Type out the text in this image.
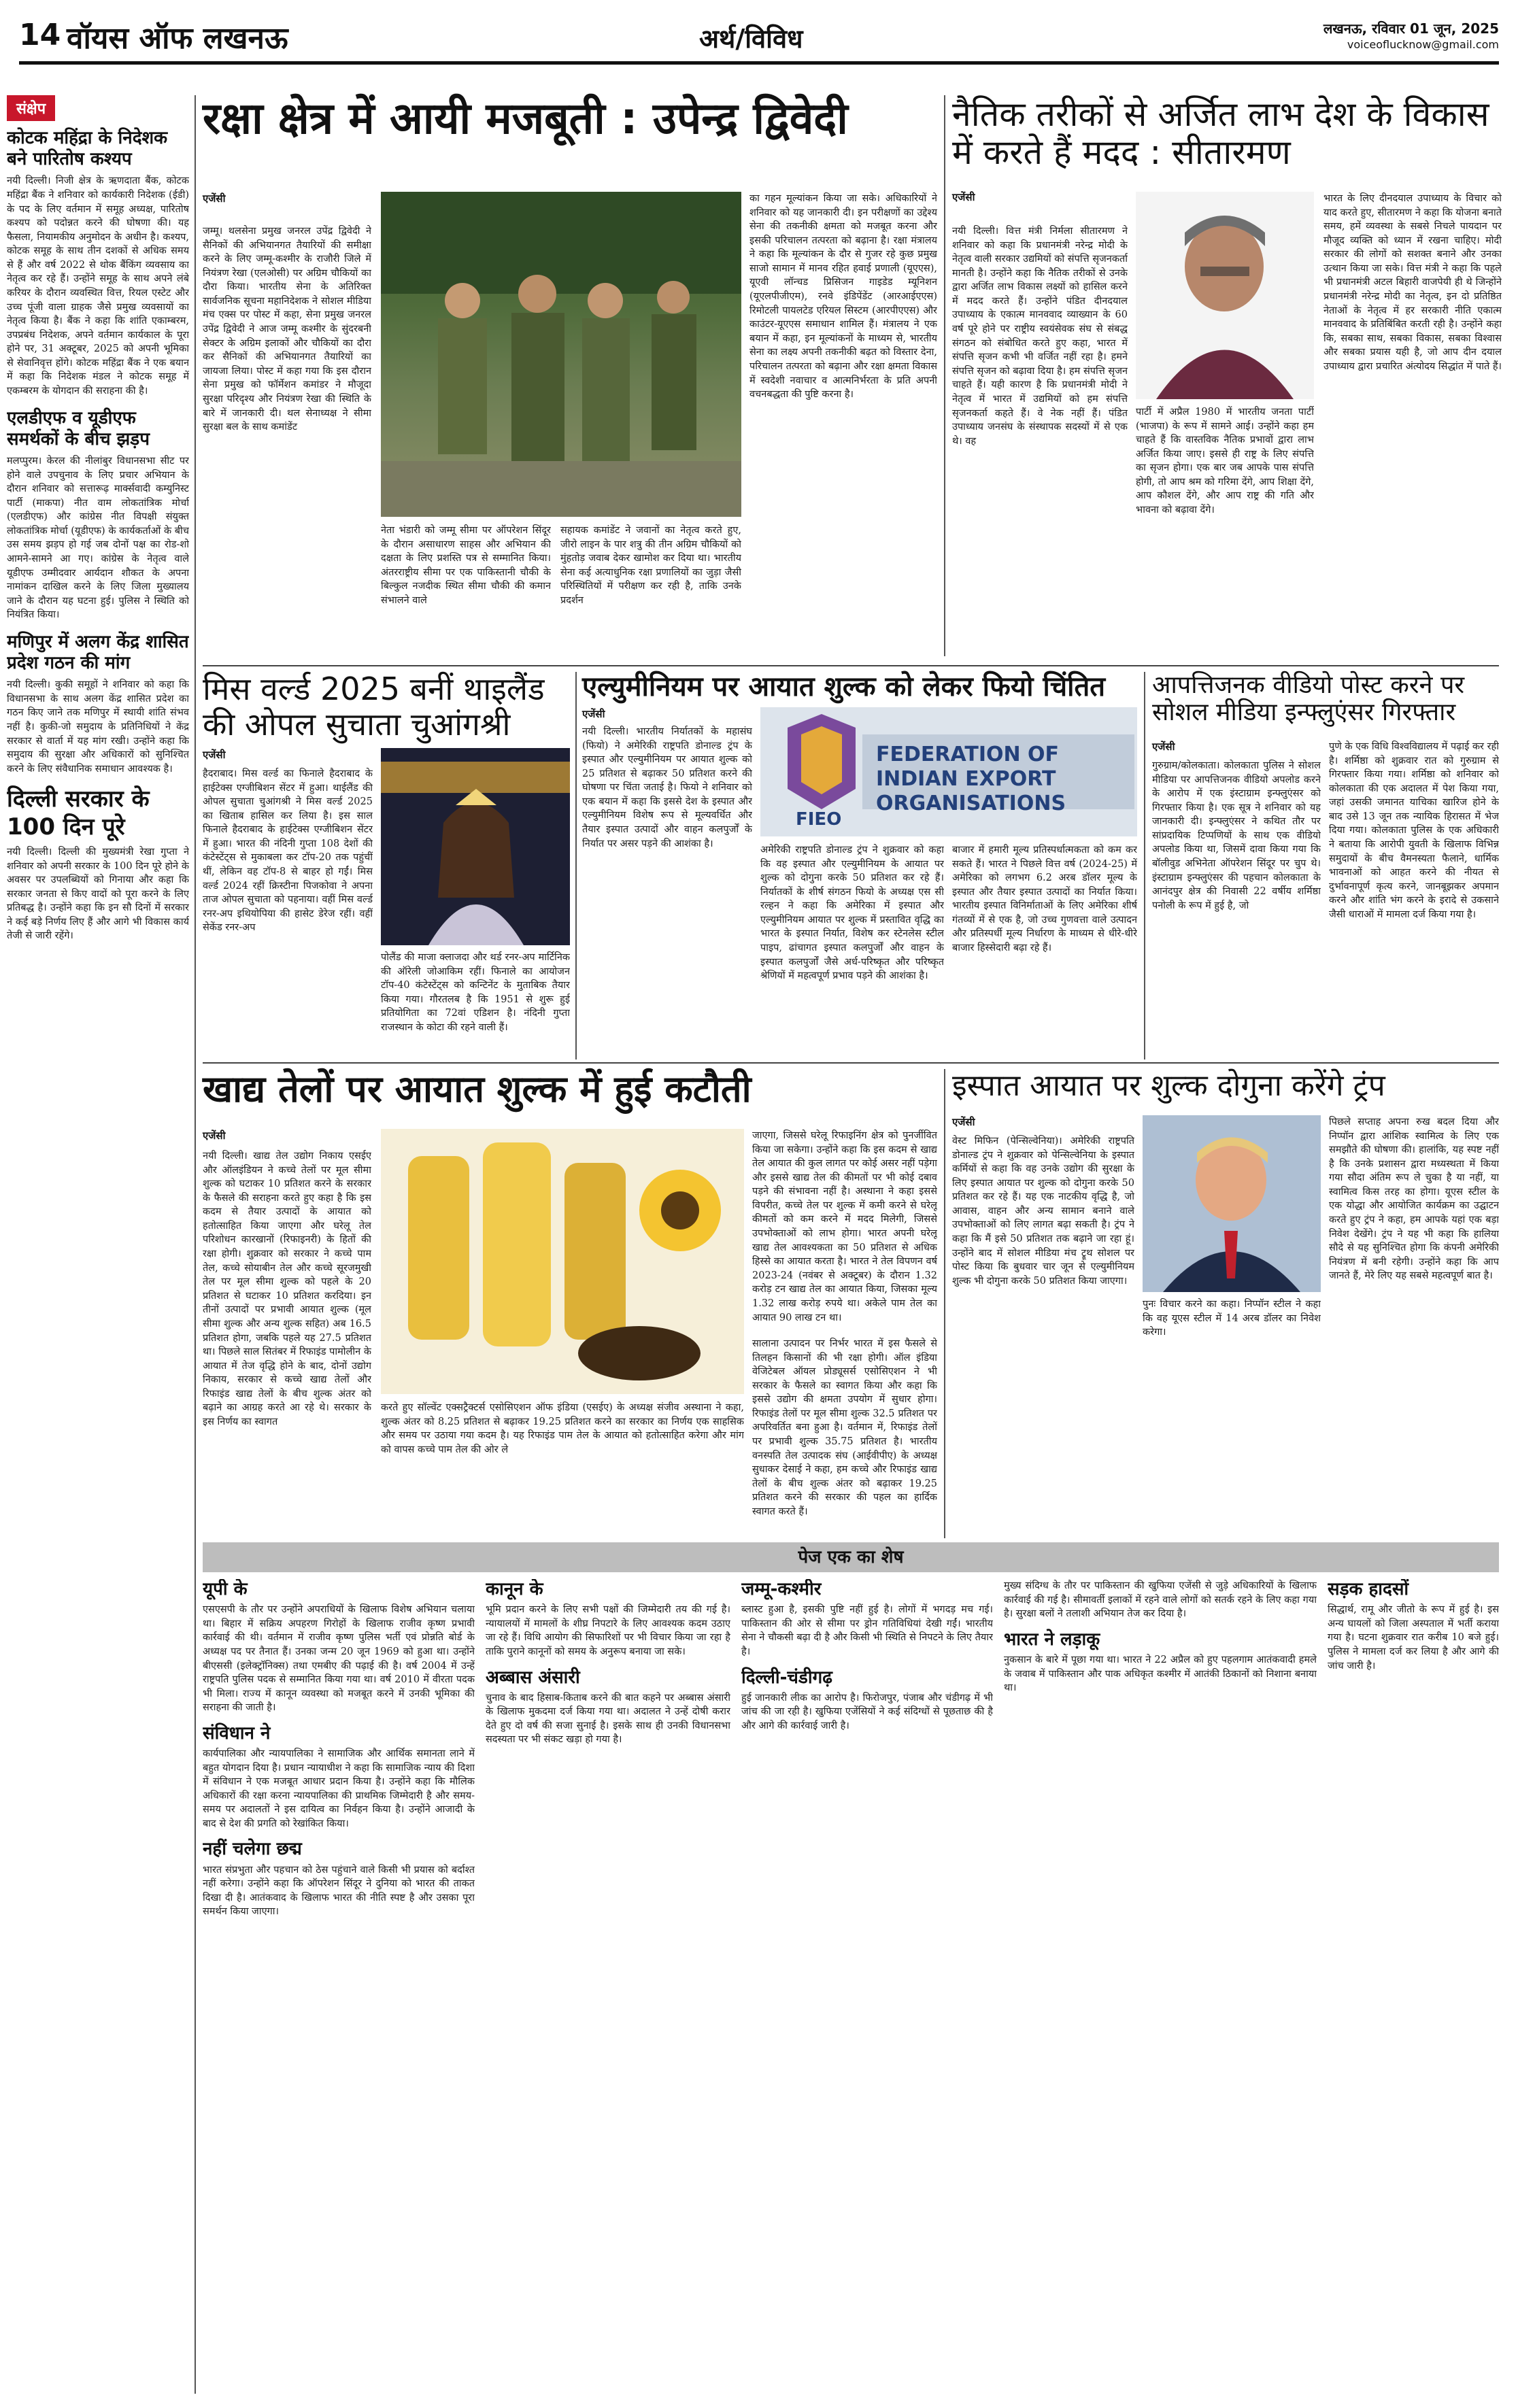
14 वॉयस ऑफ लखनऊ	अर्थ/विविध	लखनऊ, रविवार 01 जून, 2025
voiceoflucknow@gmail.com
संक्षेप
कोटक महिंद्रा के निदेशक बने पारितोष कश्यप
नयी दिल्ली। निजी क्षेत्र के ऋणदाता बैंक, कोटक महिंद्रा बैंक ने शनिवार को कार्यकारी निदेशक (ईडी) के पद के लिए वर्तमान में समूह अध्यक्ष, पारितोष कश्यप को पदोन्नत करने की घोषणा की। यह फैसला, नियामकीय अनुमोदन के अधीन है। कश्यप, कोटक समूह के साथ तीन दशकों से अधिक समय से हैं और वर्ष 2022 से थोक बैंकिंग व्यवसाय का नेतृत्व कर रहे हैं। उन्होंने समूह के साथ अपने लंबे करियर के दौरान व्यवस्थित वित्त, रियल एस्टेट और उच्च पूंजी वाला ग्राहक जैसे प्रमुख व्यवसायों का नेतृत्व किया है। बैंक ने कहा कि शांति एकाम्बरम, उपप्रबंध निदेशक, अपने वर्तमान कार्यकाल के पूरा होने पर, 31 अक्टूबर, 2025 को अपनी भूमिका से सेवानिवृत्त होंगे। कोटक महिंद्रा बैंक ने एक बयान में कहा कि निदेशक मंडल ने कोटक समूह में एकम्बरम के योगदान की सराहना की है।
एलडीएफ व यूडीएफ समर्थकों के बीच झड़प
मलप्पुरम। केरल की नीलांबुर विधानसभा सीट पर होने वाले उपचुनाव के लिए प्रचार अभियान के दौरान शनिवार को सत्तारूढ़ मार्क्सवादी कम्युनिस्ट पार्टी (माकपा) नीत वाम लोकतांत्रिक मोर्चा (एलडीएफ) और कांग्रेस नीत विपक्षी संयुक्त लोकतांत्रिक मोर्चा (यूडीएफ) के कार्यकर्ताओं के बीच उस समय झड़प हो गई जब दोनों पक्ष का रोड-शो आमने-सामने आ गए। कांग्रेस के नेतृत्व वाले यूडीएफ उम्मीदवार आर्यदान शौकत के अपना नामांकन दाखिल करने के लिए जिला मुख्यालय जाने के दौरान यह घटना हुई। पुलिस ने स्थिति को नियंत्रित किया।
मणिपुर में अलग केंद्र शासित प्रदेश गठन की मांग
नयी दिल्ली। कुकी समूहों ने शनिवार को कहा कि विधानसभा के साथ अलग केंद्र शासित प्रदेश का गठन किए जाने तक मणिपुर में स्थायी शांति संभव नहीं है। कुकी-जो समुदाय के प्रतिनिधियों ने केंद्र सरकार से वार्ता में यह मांग रखी। उन्होंने कहा कि समुदाय की सुरक्षा और अधिकारों को सुनिश्चित करने के लिए संवैधानिक समाधान आवश्यक है।
दिल्ली सरकार के 100 दिन पूरे
नयी दिल्ली। दिल्ली की मुख्यमंत्री रेखा गुप्ता ने शनिवार को अपनी सरकार के 100 दिन पूरे होने के अवसर पर उपलब्धियों को गिनाया और कहा कि सरकार जनता से किए वादों को पूरा करने के लिए प्रतिबद्ध है। उन्होंने कहा कि इन सौ दिनों में सरकार ने कई बड़े निर्णय लिए हैं और आगे भी विकास कार्य तेजी से जारी रहेंगे।
रक्षा क्षेत्र में आयी मजबूती : उपेन्द्र द्विवेदी
एजेंसी
जम्मू। थलसेना प्रमुख जनरल उपेंद्र द्विवेदी ने सैनिकों की अभियानगत तैयारियों की समीक्षा करने के लिए जम्मू-कश्मीर के राजौरी जिले में नियंत्रण रेखा (एलओसी) पर अग्रिम चौकियों का दौरा किया। भारतीय सेना के अतिरिक्त सार्वजनिक सूचना महानिदेशक ने सोशल मीडिया मंच एक्स पर पोस्ट में कहा, सेना प्रमुख जनरल उपेंद्र द्विवेदी ने आज जम्मू कश्मीर के सुंदरबनी सेक्टर के अग्रिम इलाकों और चौकियों का दौरा कर सैनिकों की अभियानगत तैयारियों का जायजा लिया। पोस्ट में कहा गया कि इस दौरान सेना प्रमुख को फॉर्मेशन कमांडर ने मौजूदा सुरक्षा परिदृश्य और नियंत्रण रेखा की स्थिति के बारे में जानकारी दी। थल सेनाध्यक्ष ने सीमा सुरक्षा बल के साथ कमांडेंट
नेता भंडारी को जम्मू सीमा पर ऑपरेशन सिंदूर के दौरान असाधारण साहस और अभियान की दक्षता के लिए प्रशस्ति पत्र से सम्मानित किया। अंतरराष्ट्रीय सीमा पर एक पाकिस्तानी चौकी के बिल्कुल नजदीक स्थित सीमा चौकी की कमान संभालने वाले
सहायक कमांडेंट ने जवानों का नेतृत्व करते हुए, जीरो लाइन के पार शत्रु की तीन अग्रिम चौकियों को मुंहतोड़ जवाब देकर खामोश कर दिया था। भारतीय सेना कई अत्याधुनिक रक्षा प्रणालियों का जुड़ा जैसी परिस्थितियों में परीक्षण कर रही है, ताकि उनके प्रदर्शन
का गहन मूल्यांकन किया जा सके। अधिकारियों ने शनिवार को यह जानकारी दी। इन परीक्षणों का उद्देश्य सेना की तकनीकी क्षमता को मजबूत करना और इसकी परिचालन तत्परता को बढ़ाना है। रक्षा मंत्रालय ने कहा कि मूल्यांकन के दौर से गुजर रहे कुछ प्रमुख साजो सामान में मानव रहित हवाई प्रणाली (यूएएस), यूएवी लॉन्चड प्रिसिजन गाइडेड म्यूनिशन (यूएलपीजीएम), रनवे इंडिपेंडेंट (आरआईएएस) रिमोटली पायलटेड एरियल सिस्टम (आरपीएएस) और काउंटर-यूएएस समाधान शामिल हैं। मंत्रालय ने एक बयान में कहा, इन मूल्यांकनों के माध्यम से, भारतीय सेना का लक्ष्य अपनी तकनीकी बढ़त को विस्तार देना, परिचालन तत्परता को बढ़ाना और रक्षा क्षमता विकास में स्वदेशी नवाचार व आत्मनिर्भरता के प्रति अपनी वचनबद्धता की पुष्टि करना है।
नैतिक तरीकों से अर्जित लाभ देश के विकास में करते हैं मदद : सीतारमण
एजेंसी
नयी दिल्ली। वित्त मंत्री निर्मला सीतारमण ने शनिवार को कहा कि प्रधानमंत्री नरेन्द्र मोदी के नेतृत्व वाली सरकार उद्यमियों को संपत्ति सृजनकर्ता मानती है। उन्होंने कहा कि नैतिक तरीकों से उनके द्वारा अर्जित लाभ विकास लक्ष्यों को हासिल करने में मदद करते हैं। उन्होंने पंडित दीनदयाल उपाध्याय के एकात्म मानववाद व्याख्यान के 60 वर्ष पूरे होने पर राष्ट्रीय स्वयंसेवक संघ से संबद्ध संगठन को संबोधित करते हुए कहा, भारत में संपत्ति सृजन कभी भी वर्जित नहीं रहा है। हमने संपत्ति सृजन को बढ़ावा दिया है। हम संपत्ति सृजन चाहते हैं। यही कारण है कि प्रधानमंत्री मोदी ने नेतृत्व में भारत में उद्यमियों को हम संपत्ति सृजनकर्ता कहते हैं। वे नेक नहीं हैं। पंडित उपाध्याय जनसंघ के संस्थापक सदस्यों में से एक थे। वह
पार्टी में अप्रैल 1980 में भारतीय जनता पार्टी (भाजपा) के रूप में सामने आई। उन्होंने कहा हम चाहते हैं कि वास्तविक नैतिक प्रभावों द्वारा लाभ अर्जित किया जाए। इससे ही राष्ट्र के लिए संपत्ति का सृजन होगा। एक बार जब आपके पास संपत्ति होगी, तो आप श्रम को गरिमा देंगे, आप शिक्षा देंगे, आप कौशल देंगे, और आप राष्ट्र की गति और भावना को बढ़ावा देंगे।
भारत के लिए दीनदयाल उपाध्याय के विचार को याद करते हुए, सीतारमण ने कहा कि योजना बनाते समय, हमें व्यवस्था के सबसे निचले पायदान पर मौजूद व्यक्ति को ध्यान में रखना चाहिए। मोदी सरकार की लोगों को सशक्त बनाने और उनका उत्थान किया जा सके। वित्त मंत्री ने कहा कि पहले भी प्रधानमंत्री अटल बिहारी वाजपेयी ही थे जिन्होंने प्रधानमंत्री नरेन्द्र मोदी का नेतृत्व, इन दो प्रतिष्ठित नेताओं के नेतृत्व में हर सरकारी नीति एकात्म मानववाद के प्रतिबिंबित करती रही है। उन्होंने कहा कि, सबका साथ, सबका विकास, सबका विश्वास और सबका प्रयास यही है, जो आप दीन दयाल उपाध्याय द्वारा प्रचारित अंत्योदय सिद्धांत में पाते हैं।
मिस वर्ल्ड 2025 बनीं थाइलैंड की ओपल सुचाता चुआंगश्री
एजेंसी
हैदराबाद। मिस वर्ल्ड का फिनाले हैदराबाद के हाईटेक्स एग्जीबिशन सेंटर में हुआ। थाईलैंड की ओपल सुचाता चुआंगश्री ने मिस वर्ल्ड 2025 का खिताब हासिल कर लिया है। इस साल फिनाले हैदराबाद के हाईटेक्स एग्जीबिशन सेंटर में हुआ। भारत की नंदिनी गुप्ता 108 देशों की कंटेस्टेंट्स से मुकाबला कर टॉप-20 तक पहुंचीं थीं, लेकिन वह टॉप-8 से बाहर हो गईं। मिस वर्ल्ड 2024 रहीं क्रिस्टीना पिजकोवा ने अपना ताज ओपल सुचाता को पहनाया। वहीं मिस वर्ल्ड रनर-अप इथियोपिया की हासेट डेरेज रहीं। वहीं सेकेंड रनर-अप
पोलैंड की माजा क्लाजदा और थर्ड रनर-अप मार्टिनिक की ऑरेली जोआकिम रहीं। फिनाले का आयोजन टॉप-40 कंटेस्टेंट्स को कन्टिनेंट के मुताबिक तैयार किया गया। गौरतलब है कि 1951 से शुरू हुई प्रतियोगिता का 72वां एडिशन है। नंदिनी गुप्ता राजस्थान के कोटा की रहने वाली हैं।
एल्युमीनियम पर आयात शुल्क को लेकर फियो चिंतित
एजेंसी
नयी दिल्ली। भारतीय निर्यातकों के महासंघ (फियो) ने अमेरिकी राष्ट्रपति डोनाल्ड ट्रंप के इस्पात और एल्युमीनियम पर आयात शुल्क को 25 प्रतिशत से बढ़ाकर 50 प्रतिशत करने की घोषणा पर चिंता जताई है। फियो ने शनिवार को एक बयान में कहा कि इससे देश के इस्पात और एल्युमीनियम विशेष रूप से मूल्यवर्धित और तैयार इस्पात उत्पादों और वाहन कलपुर्जों के निर्यात पर असर पड़ने की आशंका है।
FIEO
FEDERATION OF INDIAN EXPORT ORGANISATIONS
अमेरिकी राष्ट्रपति डोनाल्ड ट्रंप ने शुक्रवार को कहा कि वह इस्पात और एल्युमीनियम के आयात पर शुल्क को दोगुना करके 50 प्रतिशत कर रहे हैं। निर्यातकों के शीर्ष संगठन फियो के अध्यक्ष एस सी रल्हन ने कहा कि अमेरिका में इस्पात और एल्युमीनियम आयात पर शुल्क में प्रस्तावित वृद्धि का भारत के इस्पात निर्यात, विशेष कर स्टेनलेस स्टील पाइप, ढांचागत इस्पात कलपुर्जों और वाहन के इस्पात कलपुर्जों जैसे अर्ध-परिष्कृत और परिष्कृत श्रेणियों में महत्वपूर्ण प्रभाव पड़ने की आशंका है।
बाजार में हमारी मूल्य प्रतिस्पर्धात्मकता को कम कर सकते हैं। भारत ने पिछले वित्त वर्ष (2024-25) में अमेरिका को लगभग 6.2 अरब डॉलर मूल्य के इस्पात और तैयार इस्पात उत्पादों का निर्यात किया। भारतीय इस्पात विनिर्माताओं के लिए अमेरिका शीर्ष गंतव्यों में से एक है, जो उच्च गुणवत्ता वाले उत्पादन और प्रतिस्पर्धी मूल्य निर्धारण के माध्यम से धीरे-धीरे बाजार हिस्सेदारी बढ़ा रहे हैं।
आपत्तिजनक वीडियो पोस्ट करने पर सोशल मीडिया इन्फ्लुएंसर गिरफ्तार
एजेंसी
गुरुग्राम/कोलकाता। कोलकाता पुलिस ने सोशल मीडिया पर आपत्तिजनक वीडियो अपलोड करने के आरोप में एक इंस्टाग्राम इन्फ्लुएंसर को गिरफ्तार किया है। एक सूत्र ने शनिवार को यह जानकारी दी। इन्फ्लुएंसर ने कथित तौर पर सांप्रदायिक टिप्पणियों के साथ एक वीडियो अपलोड किया था, जिसमें दावा किया गया कि बॉलीवुड अभिनेता ऑपरेशन सिंदूर पर चुप थे। इंस्टाग्राम इन्फ्लुएंसर की पहचान कोलकाता के आनंदपुर क्षेत्र की निवासी 22 वर्षीय शर्मिष्ठा पनोली के रूप में हुई है, जो
पुणे के एक विधि विश्वविद्यालय में पढ़ाई कर रही है। शर्मिष्ठा को शुक्रवार रात को गुरुग्राम से गिरफ्तार किया गया। शर्मिष्ठा को शनिवार को कोलकाता की एक अदालत में पेश किया गया, जहां उसकी जमानत याचिका खारिज होने के बाद उसे 13 जून तक न्यायिक हिरासत में भेज दिया गया। कोलकाता पुलिस के एक अधिकारी ने बताया कि आरोपी युवती के खिलाफ विभिन्न समुदायों के बीच वैमनस्यता फैलाने, धार्मिक भावनाओं को आहत करने की नीयत से दुर्भावनापूर्ण कृत्य करने, जानबूझकर अपमान करने और शांति भंग करने के इरादे से उकसाने जैसी धाराओं में मामला दर्ज किया गया है।
खाद्य तेलों पर आयात शुल्क में हुई कटौती
एजेंसी
नयी दिल्ली। खाद्य तेल उद्योग निकाय एसईए और ऑलइंडियन ने कच्चे तेलों पर मूल सीमा शुल्क को घटाकर 10 प्रतिशत करने के सरकार के फैसले की सराहना करते हुए कहा है कि इस कदम से तैयार उत्पादों के आयात को हतोत्साहित किया जाएगा और घरेलू तेल परिशोधन कारखानों (रिफाइनरी) के हितों की रक्षा होगी। शुक्रवार को सरकार ने कच्चे पाम तेल, कच्चे सोयाबीन तेल और कच्चे सूरजमुखी तेल पर मूल सीमा शुल्क को पहले के 20 प्रतिशत से घटाकर 10 प्रतिशत करदिया। इन तीनों उत्पादों पर प्रभावी आयात शुल्क (मूल सीमा शुल्क और अन्य शुल्क सहित) अब 16.5 प्रतिशत होगा, जबकि पहले यह 27.5 प्रतिशत था। पिछले साल सितंबर में रिफाइंड पामोलीन के आयात में तेज वृद्धि होने के बाद, दोनों उद्योग निकाय, सरकार से कच्चे खाद्य तेलों और रिफाइंड खाद्य तेलों के बीच शुल्क अंतर को बढ़ाने का आग्रह करते आ रहे थे। सरकार के इस निर्णय का स्वागत
करते हुए सॉल्वेंट एक्सट्रैक्टर्स एसोसिएशन ऑफ इंडिया (एसईए) के अध्यक्ष संजीव अस्थाना ने कहा, शुल्क अंतर को 8.25 प्रतिशत से बढ़ाकर 19.25 प्रतिशत करने का सरकार का निर्णय एक साहसिक और समय पर उठाया गया कदम है। यह रिफाइंड पाम तेल के आयात को हतोत्साहित करेगा और मांग को वापस कच्चे पाम तेल की ओर ले
जाएगा, जिससे घरेलू रिफाइनिंग क्षेत्र को पुनर्जीवित किया जा सकेगा। उन्होंने कहा कि इस कदम से खाद्य तेल आयात की कुल लागत पर कोई असर नहीं पड़ेगा और इससे खाद्य तेल की कीमतों पर भी कोई दबाव पड़ने की संभावना नहीं है। अस्थाना ने कहा इससे विपरीत, कच्चे तेल पर शुल्क में कमी करने से घरेलू कीमतों को कम करने में मदद मिलेगी, जिससे उपभोक्ताओं को लाभ होगा। भारत अपनी घरेलू खाद्य तेल आवश्यकता का 50 प्रतिशत से अधिक हिस्से का आयात करता है। भारत ने तेल विपणन वर्ष 2023-24 (नवंबर से अक्टूबर) के दौरान 1.32 करोड़ टन खाद्य तेल का आयात किया, जिसका मूल्य 1.32 लाख करोड़ रुपये था। अकेले पाम तेल का आयात 90 लाख टन था।
सालाना उत्पादन पर निर्भर भारत में इस फैसले से तिलहन किसानों की भी रक्षा होगी। ऑल इंडिया वेजिटेबल ऑयल प्रोड्यूसर्स एसोसिएशन ने भी सरकार के फैसले का स्वागत किया और कहा कि इससे उद्योग की क्षमता उपयोग में सुधार होगा। रिफाइंड तेलों पर मूल सीमा शुल्क 32.5 प्रतिशत पर अपरिवर्तित बना हुआ है। वर्तमान में, रिफाइंड तेलों पर प्रभावी शुल्क 35.75 प्रतिशत है। भारतीय वनस्पति तेल उत्पादक संघ (आईवीपीए) के अध्यक्ष सुधाकर देसाई ने कहा, हम कच्चे और रिफाइंड खाद्य तेलों के बीच शुल्क अंतर को बढ़ाकर 19.25 प्रतिशत करने की सरकार की पहल का हार्दिक स्वागत करते हैं।
इस्पात आयात पर शुल्क दोगुना करेंगे ट्रंप
एजेंसी
वेस्ट मिफिन (पेन्सिल्वेनिया)। अमेरिकी राष्ट्रपति डोनाल्ड ट्रंप ने शुक्रवार को पेन्सिल्वेनिया के इस्पात कर्मियों से कहा कि वह उनके उद्योग की सुरक्षा के लिए इस्पात आयात पर शुल्क को दोगुना करके 50 प्रतिशत कर रहे हैं। यह एक नाटकीय वृद्धि है, जो आवास, वाहन और अन्य सामान बनाने वाले उपभोक्ताओं को लिए लागत बढ़ा सकती है। ट्रंप ने कहा कि मैं इसे 50 प्रतिशत तक बढ़ाने जा रहा हूं। उन्होंने बाद में सोशल मीडिया मंच ट्रूथ सोशल पर पोस्ट किया कि बुधवार चार जून से एल्युमीनियम शुल्क भी दोगुना करके 50 प्रतिशत किया जाएगा।
पुनः विचार करने का कहा। निप्पॉन स्टील ने कहा कि वह यूएस स्टील में 14 अरब डॉलर का निवेश करेगा।
पिछले सप्ताह अपना रुख बदल दिया और निप्पॉन द्वारा आंशिक स्वामित्व के लिए एक समझौते की घोषणा की। हालांकि, यह स्पष्ट नहीं है कि उनके प्रशासन द्वारा मध्यस्थता में किया गया सौदा अंतिम रूप ले चुका है या नहीं, या स्वामित्व किस तरह का होगा। यूएस स्टील के एक योद्धा और आयोजित कार्यक्रम का उद्घाटन करते हुए ट्रंप ने कहा, हम आपके यहां एक बड़ा निवेश देखेंगे। ट्रंप ने यह भी कहा कि हालिया सौदे से यह सुनिश्चित होगा कि कंपनी अमेरिकी नियंत्रण में बनी रहेगी। उन्होंने कहा कि आप जानते हैं, मेरे लिए यह सबसे महत्वपूर्ण बात है।
पेज एक का शेष
यूपी के
एसएसपी के तौर पर उन्होंने अपराधियों के खिलाफ विशेष अभियान चलाया था। बिहार में सक्रिय अपहरण गिरोहों के खिलाफ राजीव कृष्ण प्रभावी कार्रवाई की थी। वर्तमान में राजीव कृष्ण पुलिस भर्ती एवं प्रोन्नति बोर्ड के अध्यक्ष पद पर तैनात हैं। उनका जन्म 20 जून 1969 को हुआ था। उन्होंने बीएससी (इलेक्ट्रॉनिक्स) तथा एमबीए की पढ़ाई की है। वर्ष 2004 में उन्हें राष्ट्रपति पुलिस पदक से सम्मानित किया गया था। वर्ष 2010 में वीरता पदक भी मिला। राज्य में कानून व्यवस्था को मजबूत करने में उनकी भूमिका की सराहना की जाती है।
संविधान ने
कार्यपालिका और न्यायपालिका ने सामाजिक और आर्थिक समानता लाने में बहुत योगदान दिया है। प्रधान न्यायाधीश ने कहा कि सामाजिक न्याय की दिशा में संविधान ने एक मजबूत आधार प्रदान किया है। उन्होंने कहा कि मौलिक अधिकारों की रक्षा करना न्यायपालिका की प्राथमिक जिम्मेदारी है और समय-समय पर अदालतों ने इस दायित्व का निर्वहन किया है। उन्होंने आजादी के बाद से देश की प्रगति को रेखांकित किया।
नहीं चलेगा छद्म
भारत संप्रभुता और पहचान को ठेस पहुंचाने वाले किसी भी प्रयास को बर्दाश्त नहीं करेगा। उन्होंने कहा कि ऑपरेशन सिंदूर ने दुनिया को भारत की ताकत दिखा दी है। आतंकवाद के खिलाफ भारत की नीति स्पष्ट है और उसका पूरा समर्थन किया जाएगा।
कानून के
भूमि प्रदान करने के लिए सभी पक्षों की जिम्मेदारी तय की गई है। न्यायालयों में मामलों के शीघ्र निपटारे के लिए आवश्यक कदम उठाए जा रहे हैं। विधि आयोग की सिफारिशों पर भी विचार किया जा रहा है ताकि पुराने कानूनों को समय के अनुरूप बनाया जा सके।
अब्बास अंसारी
चुनाव के बाद हिसाब-किताब करने की बात कहने पर अब्बास अंसारी के खिलाफ मुकदमा दर्ज किया गया था। अदालत ने उन्हें दोषी करार देते हुए दो वर्ष की सजा सुनाई है। इसके साथ ही उनकी विधानसभा सदस्यता पर भी संकट खड़ा हो गया है।
जम्मू-कश्मीर
ब्लास्ट हुआ है, इसकी पुष्टि नहीं हुई है। लोगों में भगदड़ मच गई। पाकिस्तान की ओर से सीमा पर ड्रोन गतिविधियां देखी गईं। भारतीय सेना ने चौकसी बढ़ा दी है और किसी भी स्थिति से निपटने के लिए तैयार है।
दिल्ली-चंडीगढ़
हुई जानकारी लीक का आरोप है। फिरोजपुर, पंजाब और चंडीगढ़ में भी जांच की जा रही है। खुफिया एजेंसियों ने कई संदिग्धों से पूछताछ की है और आगे की कार्रवाई जारी है।
मुख्य संदिग्ध के तौर पर पाकिस्तान की खुफिया एजेंसी से जुड़े अधिकारियों के खिलाफ कार्रवाई की गई है। सीमावर्ती इलाकों में रहने वाले लोगों को सतर्क रहने के लिए कहा गया है। सुरक्षा बलों ने तलाशी अभियान तेज कर दिया है।
भारत ने लड़ाकू
नुकसान के बारे में पूछा गया था। भारत ने 22 अप्रैल को हुए पहलगाम आतंकवादी हमले के जवाब में पाकिस्तान और पाक अधिकृत कश्मीर में आतंकी ठिकानों को निशाना बनाया था।
सड़क हादसों
सिद्धार्थ, रामू और जीतो के रूप में हुई है। इस अन्य घायलों को जिला अस्पताल में भर्ती कराया गया है। घटना शुक्रवार रात करीब 10 बजे हुई। पुलिस ने मामला दर्ज कर लिया है और आगे की जांच जारी है।
